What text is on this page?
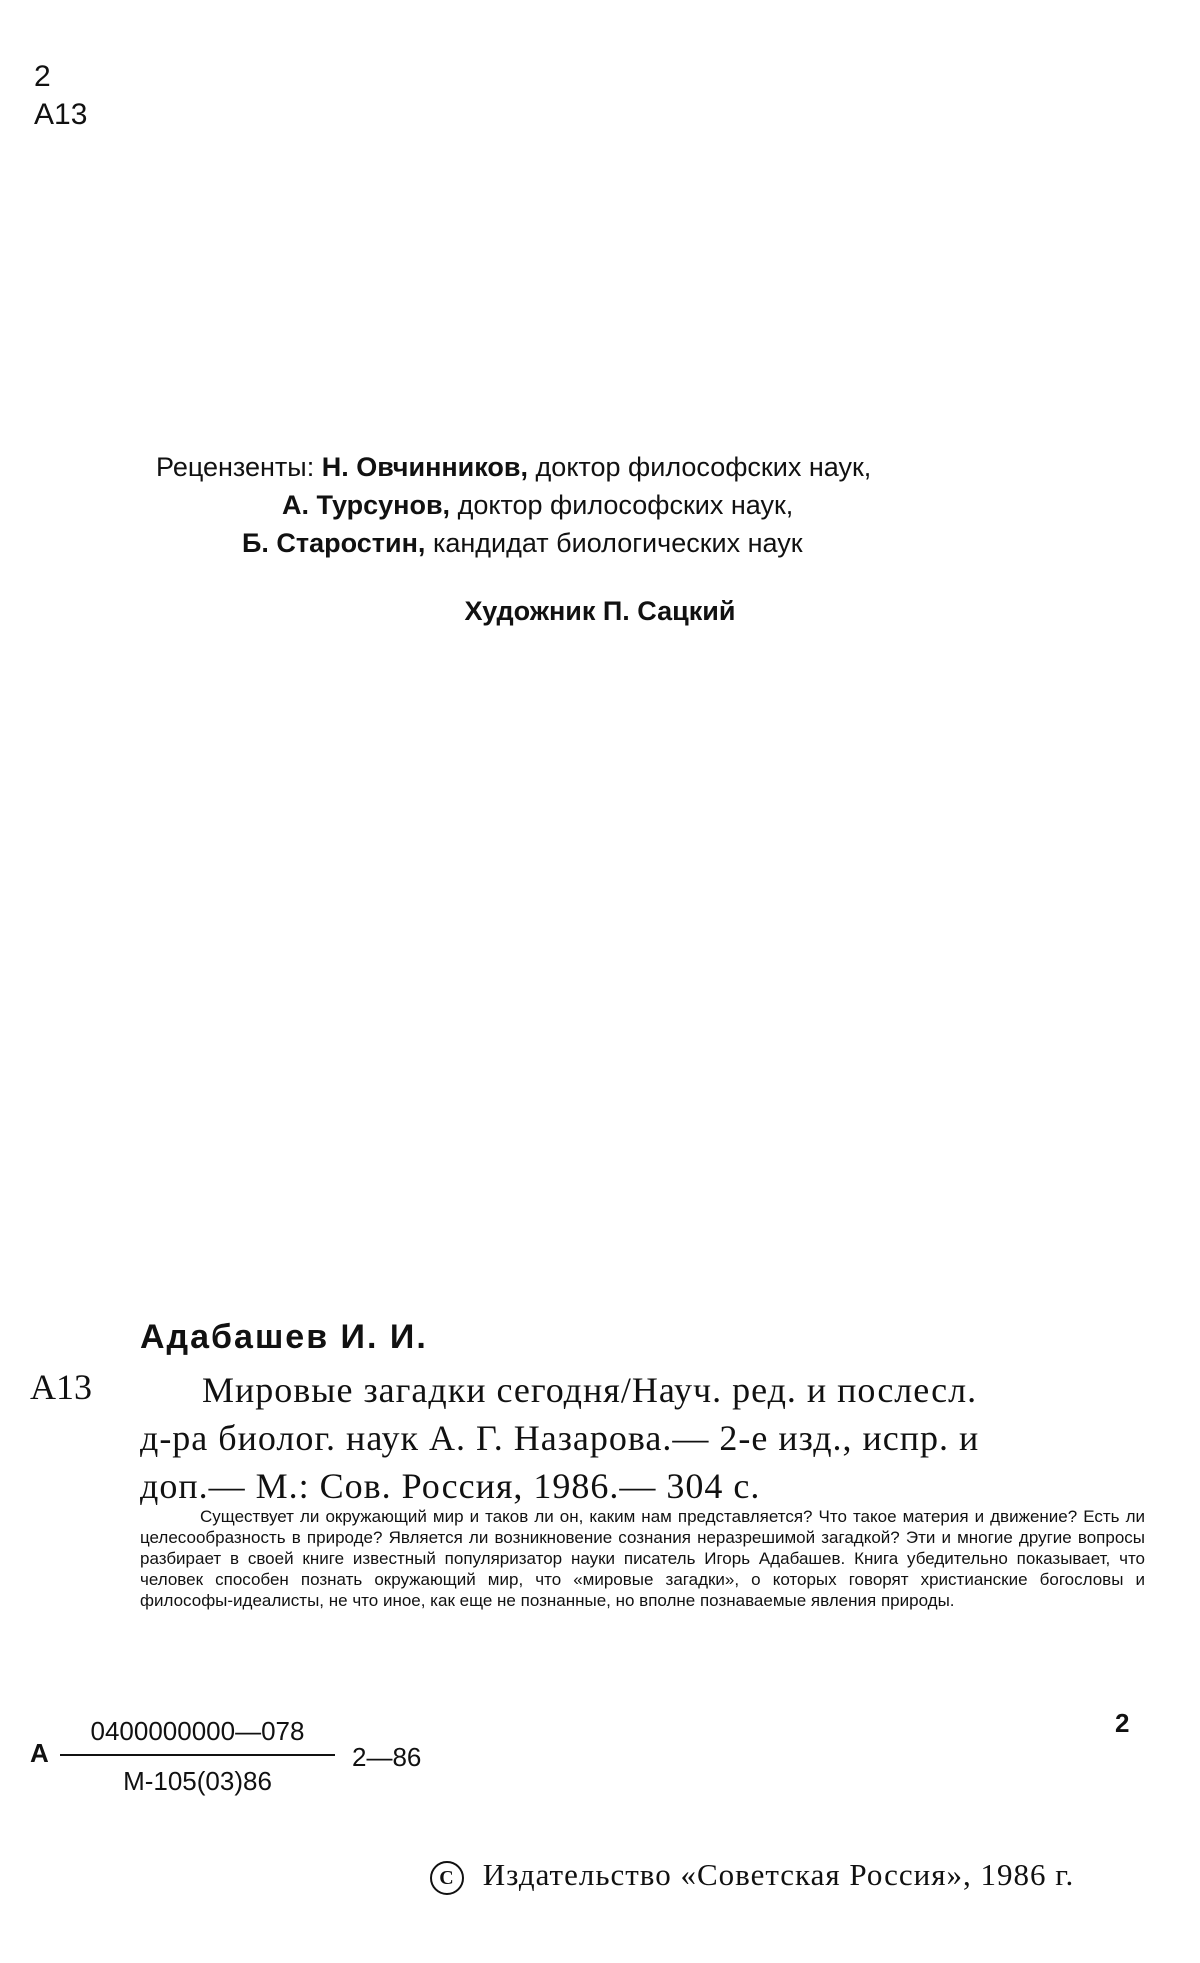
2
A13
Рецензенты: Н. Овчинников, доктор философских наук,
А. Турсунов, доктор философских наук,
Б. Старостин, кандидат биологических наук
Художник П. Сацкий
Адабашев И. И.
A13	Мировые загадки сегодня/Науч. ред. и послесл.
д-ра биолог. наук А. Г. Назарова.— 2-е изд., испр. и
доп.— М.: Сов. Россия, 1986.— 304 с.
Существует ли окружающий мир и таков ли он, каким нам представляется? Что такое материя и движение? Есть ли целесообразность в природе? Является ли возникновение сознания неразрешимой загадкой? Эти и многие другие вопросы разбирает в своей книге известный популяризатор науки писатель Игорь Адабашев. Книга убедительно показывает, что человек способен познать окружающий мир, что «мировые загадки», о которых говорят христианские богословы и философы-идеалисты, не что иное, как еще не познанные, но вполне познаваемые явления природы.
A
0400000000—078
М-105(03)86
2—86
2
C Издательство «Советская Россия», 1986 г.
